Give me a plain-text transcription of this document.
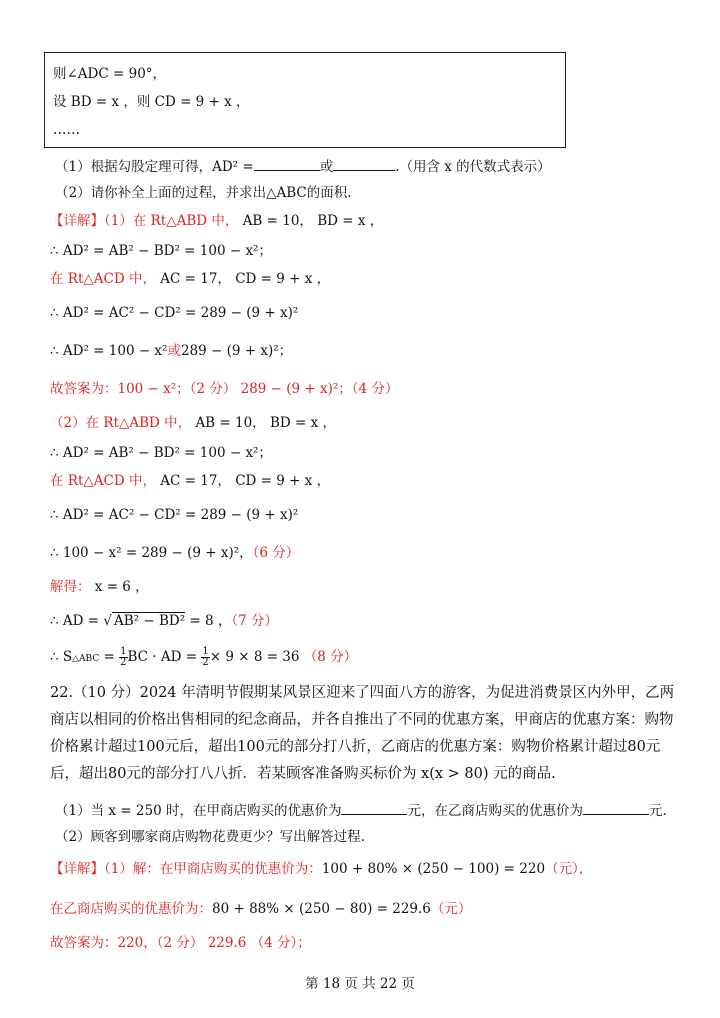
则∠ADC = 90°，
设 BD = x ，则 CD = 9 + x ，
……
（1）根据勾股定理可得，AD² =	或	.（用含 x 的代数式表示）
（2）请你补全上面的过程，并求出△ABC的面积.
【详解】（1）在 Rt△ABD 中， AB = 10， BD = x ，
∴ AD² = AB² − BD² = 100 − x²；
在 Rt△ACD 中， AC = 17， CD = 9 + x ，
∴ AD² = AC² − CD² = 289 − (9 + x)²
∴ AD² = 100 − x²或289 − (9 + x)²；
故答案为：100 − x²；（2 分） 289 − (9 + x)²；（4 分）
（2）在 Rt△ABD 中， AB = 10， BD = x ，
∴ AD² = AB² − BD² = 100 − x²；
在 Rt△ACD 中， AC = 17， CD = 9 + x ，
∴ AD² = AC² − CD² = 289 − (9 + x)²
∴ 100 − x² = 289 − (9 + x)²，（6 分）
解得： x = 6 ，
∴ AD = √ AB² − BD² = 8 ，（7 分）
∴ S△ABC = $\frac{1}{2}$ BC · AD = $\frac{1}{2} \times 9 \times 8 = 36$ （8 分）
22.（10 分）2024 年清明节假期某风景区迎来了四面八方的游客，为促进消费景区内外甲，乙两商店以相同的价格出售相同的纪念商品，并各自推出了不同的优惠方案，甲商店的优惠方案：购物价格累计超过100元后，超出100元的部分打八折，乙商店的优惠方案：购物价格累计超过80元后，超出80元的部分打八八折．若某顾客准备购买标价为 x(x > 80) 元的商品.
（1）当 x = 250 时，在甲商店购买的优惠价为	元，在乙商店购买的优惠价为	元.
（2）顾客到哪家商店购物花费更少？写出解答过程.
【详解】（1）解：在甲商店购买的优惠价为：100 + 80% × (250 − 100) = 220（元），
在乙商店购买的优惠价为：80 + 88% × (250 − 80) = 229.6（元）
故答案为：220，（2 分） 229.6 （4 分）；
第 18 页 共 22 页
